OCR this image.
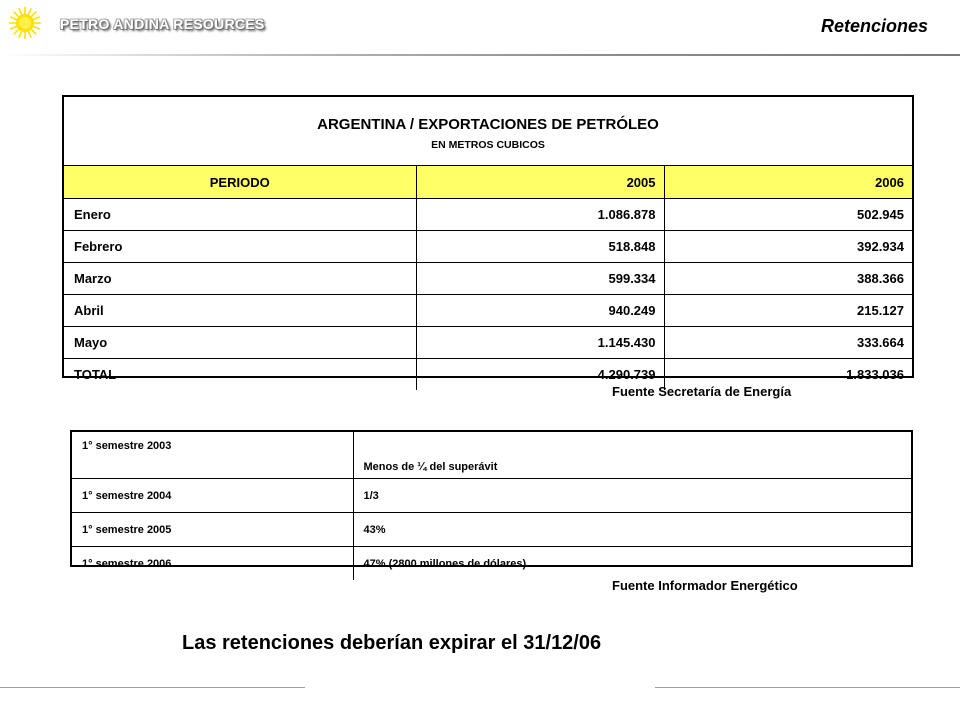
PETRO ANDINA RESOURCES	Retenciones
ARGENTINA / EXPORTACIONES DE PETRÓLEO
EN METROS CUBICOS		

PERIODO	2005	2006
Enero	1.086.878	502.945
Febrero	518.848	392.934
Marzo	599.334	388.366
Abril	940.249	215.127
Mayo	1.145.430	333.664
TOTAL	4.290.739	1.833.036
Fuente Secretaría de Energía
1° semestre 2003	Menos de ¼ del superávit
1° semestre 2004	1/3
1° semestre 2005	43%
1° semestre 2006	47% (2800 millones de dólares)
Fuente Informador Energético
Las retenciones deberían expirar el 31/12/06
